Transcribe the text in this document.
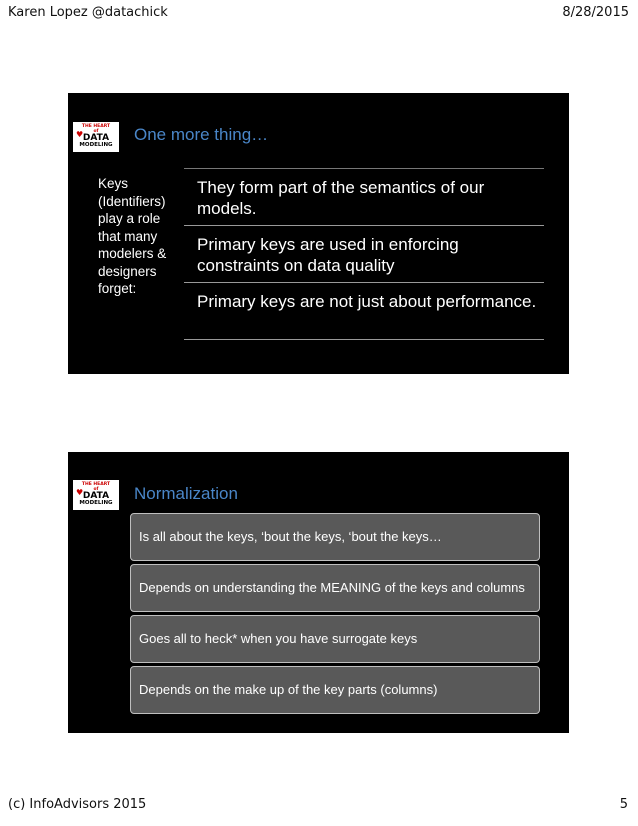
Karen Lopez @datachick	8/28/2015
♥
THE HEART
of
DATA
MODELING
One more thing…
Keys (Identifiers) play a role that many modelers & designers forget:
They form part of the semantics of our models.
Primary keys are used in enforcing constraints on data quality
Primary keys are not just about performance.
♥
THE HEART
of
DATA
MODELING
Normalization
Is all about the keys, ‘bout the keys, ‘bout the keys…
Depends on understanding the MEANING of the keys and columns
Goes all to heck* when you have surrogate keys
Depends on the make up of the key parts (columns)
(c) InfoAdvisors 2015	5
